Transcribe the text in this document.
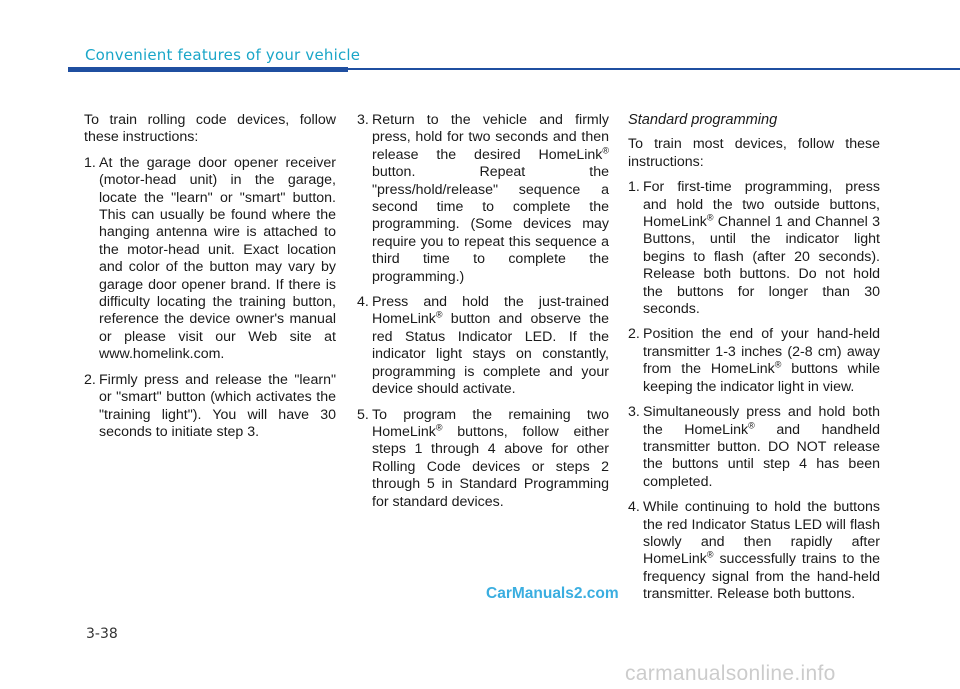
Convenient features of your vehicle

To train rolling code devices, follow these instructions:

1. At the garage door opener receiver (motor-head unit) in the garage, locate the "learn" or "smart" button. This can usually be found where the hanging antenna wire is attached to the motor-head unit. Exact location and color of the button may vary by garage door opener brand. If there is difficulty locating the training button, reference the device owner's manual or please visit our Web site at www.homelink.com.
2. Firmly press and release the "learn" or "smart" button (which activates the "training light"). You will have 30 seconds to initiate step 3.
3. Return to the vehicle and firmly press, hold for two seconds and then release the desired HomeLink® button. Repeat the "press/hold/release" sequence a second time to complete the programming. (Some devices may require you to repeat this sequence a third time to complete the programming.)
4. Press and hold the just-trained HomeLink® button and observe the red Status Indicator LED. If the indicator light stays on constantly, programming is complete and your device should activate.
5. To program the remaining two HomeLink® buttons, follow either steps 1 through 4 above for other Rolling Code devices or steps 2 through 5 in Standard Programming for standard devices.

Standard programming

To train most devices, follow these instructions:

1. For first-time programming, press and hold the two outside buttons, HomeLink® Channel 1 and Channel 3 Buttons, until the indicator light begins to flash (after 20 seconds). Release both buttons. Do not hold the buttons for longer than 30 seconds.
2. Position the end of your hand-held transmitter 1-3 inches (2-8 cm) away from the HomeLink® buttons while keeping the indicator light in view.
3. Simultaneously press and hold both the HomeLink® and handheld transmitter button. DO NOT release the buttons until step 4 has been completed.
4. While continuing to hold the buttons the red Indicator Status LED will flash slowly and then rapidly after HomeLink® successfully trains to the frequency signal from the hand-held transmitter. Release both buttons.
CarManuals2.com
3-38
carmanualsonline.info
